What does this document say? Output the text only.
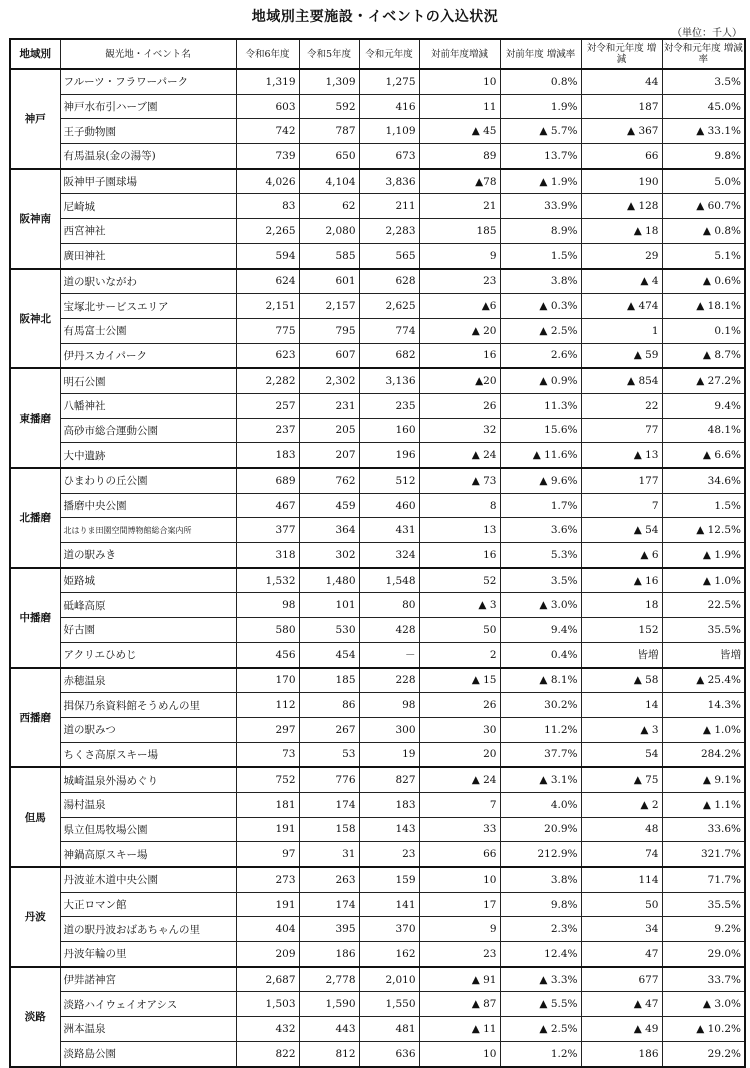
地域別主要施設・イベントの入込状況
（単位：千人）
地域別	観光地・イベント名	令和6年度	令和5年度	令和元年度	対前年度増減	対前年度 増減率	対令和元年度 増減	対令和元年度 増減率
神戸	フルーツ・フラワーパーク	1,319	1,309	1,275	10	0.8%	44	3.5%
	神戸水布引ハーブ園	603	592	416	11	1.9%	187	45.0%
	王子動物園	742	787	1,109	▲ 45	▲ 5.7%	▲ 367	▲ 33.1%
	有馬温泉(金の湯等)	739	650	673	89	13.7%	66	9.8%
阪神南	阪神甲子園球場	4,026	4,104	3,836	▲78	▲ 1.9%	190	5.0%
	尼崎城	83	62	211	21	33.9%	▲ 128	▲ 60.7%
	西宮神社	2,265	2,080	2,283	185	8.9%	▲ 18	▲ 0.8%
	廣田神社	594	585	565	9	1.5%	29	5.1%
阪神北	道の駅いながわ	624	601	628	23	3.8%	▲ 4	▲ 0.6%
	宝塚北サービスエリア	2,151	2,157	2,625	▲6	▲ 0.3%	▲ 474	▲ 18.1%
	有馬富士公園	775	795	774	▲ 20	▲ 2.5%	1	0.1%
	伊丹スカイパーク	623	607	682	16	2.6%	▲ 59	▲ 8.7%
東播磨	明石公園	2,282	2,302	3,136	▲20	▲ 0.9%	▲ 854	▲ 27.2%
	八幡神社	257	231	235	26	11.3%	22	9.4%
	高砂市総合運動公園	237	205	160	32	15.6%	77	48.1%
	大中遺跡	183	207	196	▲ 24	▲ 11.6%	▲ 13	▲ 6.6%
北播磨	ひまわりの丘公園	689	762	512	▲ 73	▲ 9.6%	177	34.6%
	播磨中央公園	467	459	460	8	1.7%	7	1.5%
	北はりま田園空間博物館総合案内所	377	364	431	13	3.6%	▲ 54	▲ 12.5%
	道の駅みき	318	302	324	16	5.3%	▲ 6	▲ 1.9%
中播磨	姫路城	1,532	1,480	1,548	52	3.5%	▲ 16	▲ 1.0%
	砥峰高原	98	101	80	▲ 3	▲ 3.0%	18	22.5%
	好古園	580	530	428	50	9.4%	152	35.5%
	アクリエひめじ	456	454	－	2	0.4%	皆増	皆増
西播磨	赤穂温泉	170	185	228	▲ 15	▲ 8.1%	▲ 58	▲ 25.4%
	揖保乃糸資料館そうめんの里	112	86	98	26	30.2%	14	14.3%
	道の駅みつ	297	267	300	30	11.2%	▲ 3	▲ 1.0%
	ちくさ高原スキー場	73	53	19	20	37.7%	54	284.2%
但馬	城崎温泉外湯めぐり	752	776	827	▲ 24	▲ 3.1%	▲ 75	▲ 9.1%
	湯村温泉	181	174	183	7	4.0%	▲ 2	▲ 1.1%
	県立但馬牧場公園	191	158	143	33	20.9%	48	33.6%
	神鍋高原スキー場	97	31	23	66	212.9%	74	321.7%
丹波	丹波並木道中央公園	273	263	159	10	3.8%	114	71.7%
	大正ロマン館	191	174	141	17	9.8%	50	35.5%
	道の駅丹波おばあちゃんの里	404	395	370	9	2.3%	34	9.2%
	丹波年輪の里	209	186	162	23	12.4%	47	29.0%
淡路	伊弉諾神宮	2,687	2,778	2,010	▲ 91	▲ 3.3%	677	33.7%
	淡路ハイウェイオアシス	1,503	1,590	1,550	▲ 87	▲ 5.5%	▲ 47	▲ 3.0%
	洲本温泉	432	443	481	▲ 11	▲ 2.5%	▲ 49	▲ 10.2%
	淡路島公園	822	812	636	10	1.2%	186	29.2%
